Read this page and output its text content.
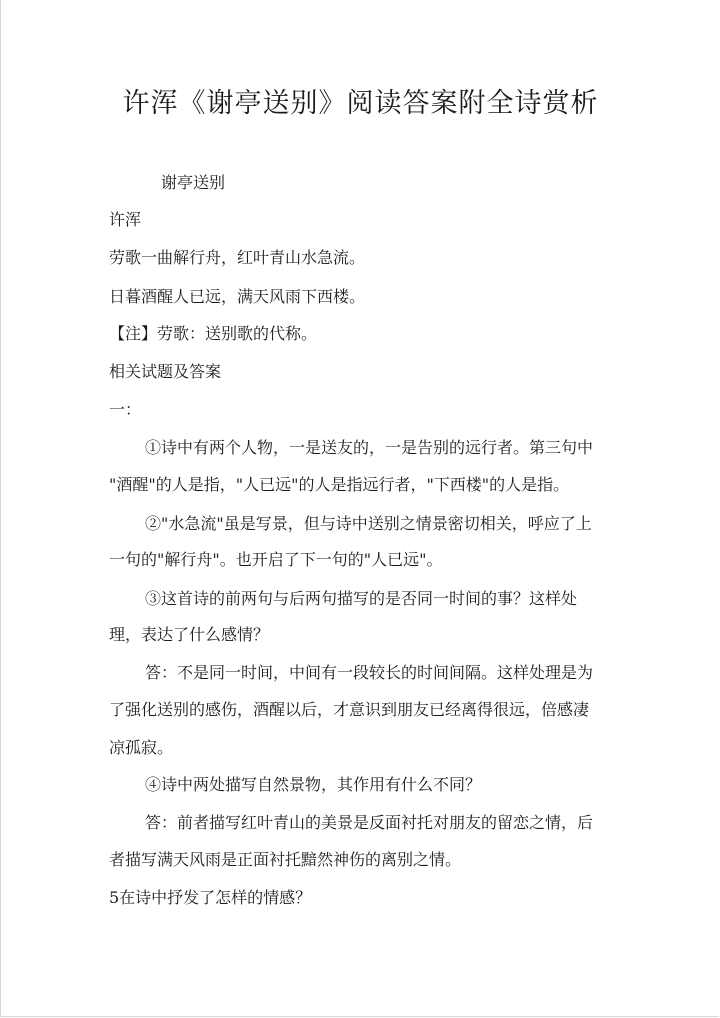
许浑《谢亭送别》阅读答案附全诗赏析

谢亭送别

许浑

劳歌一曲解行舟，红叶青山水急流。

日暮酒醒人已远，满天风雨下西楼。

【注】劳歌：送别歌的代称。

相关试题及答案

一：

①诗中有两个人物，一是送友的，一是告别的远行者。第三句中

"酒醒"的人是指，"人已远"的人是指远行者，"下西楼"的人是指。

②"水急流"虽是写景，但与诗中送别之情景密切相关，呼应了上

一句的"解行舟"。也开启了下一句的"人已远"。

③这首诗的前两句与后两句描写的是否同一时间的事？这样处

理，表达了什么感情？

答：不是同一时间，中间有一段较长的时间间隔。这样处理是为

了强化送别的感伤，酒醒以后，才意识到朋友已经离得很远，倍感凄

凉孤寂。

④诗中两处描写自然景物，其作用有什么不同？

答：前者描写红叶青山的美景是反面衬托对朋友的留恋之情，后

者描写满天风雨是正面衬托黯然神伤的离别之情。

5在诗中抒发了怎样的情感？
